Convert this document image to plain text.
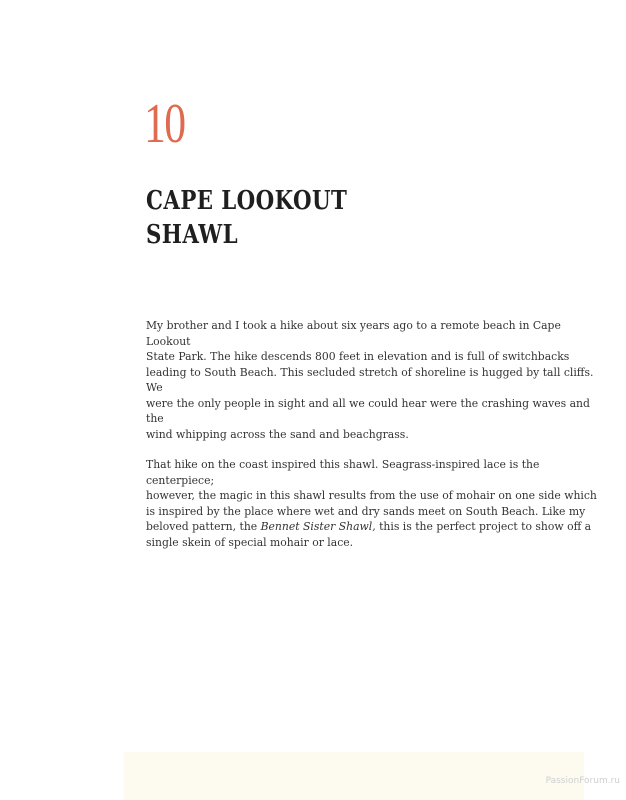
10
CAPE LOOKOUT
SHAWL

My brother and I took a hike about six years ago to a remote beach in Cape Lookout
State Park. The hike descends 800 feet in elevation and is full of switchbacks
leading to South Beach. This secluded stretch of shoreline is hugged by tall cliffs. We
were the only people in sight and all we could hear were the crashing waves and the
wind whipping across the sand and beachgrass.

That hike on the coast inspired this shawl. Seagrass-inspired lace is the centerpiece;
however, the magic in this shawl results from the use of mohair on one side which
is inspired by the place where wet and dry sands meet on South Beach. Like my
beloved pattern, the Bennet Sister Shawl, this is the perfect project to show off a
single skein of special mohair or lace.

PassionForum.ru
